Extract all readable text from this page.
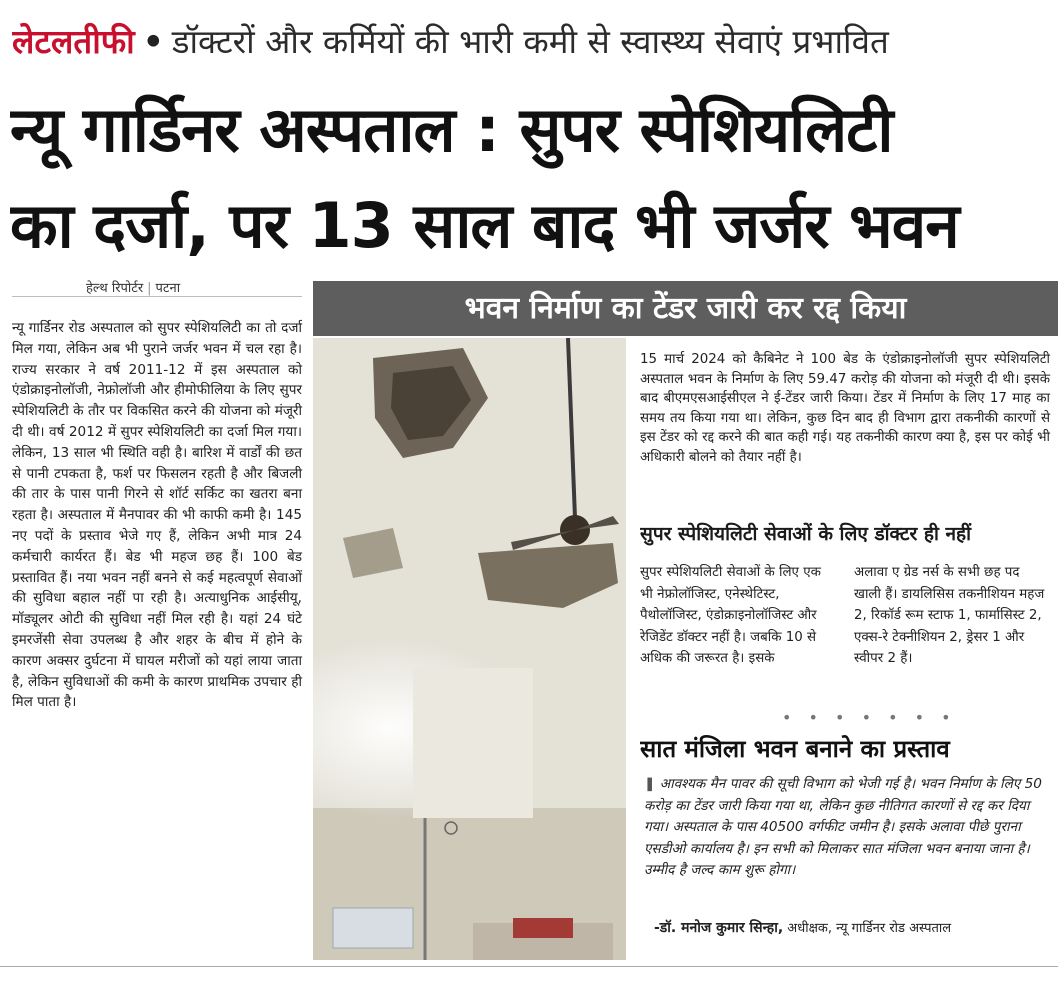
लेटलतीफी • डॉक्टरों और कर्मियों की भारी कमी से स्वास्थ्य सेवाएं प्रभावित
न्यू गार्डिनर अस्पताल : सुपर स्पेशियलिटी
का दर्जा, पर 13 साल बाद भी जर्जर भवन
हेल्थ रिपोर्टर | पटना
भवन निर्माण का टेंडर जारी कर रद्द किया
न्यू गार्डिनर रोड अस्पताल को सुपर स्पेशियलिटी का तो दर्जा मिल गया, लेकिन अब भी पुराने जर्जर भवन में चल रहा है। राज्य सरकार ने वर्ष 2011-12 में इस अस्पताल को एंडोक्राइनोलॉजी, नेफ्रोलॉजी और हीमोफीलिया के लिए सुपर स्पेशियलिटी के तौर पर विकसित करने की योजना को मंजूरी दी थी। वर्ष 2012 में सुपर स्पेशियलिटी का दर्जा मिल गया। लेकिन, 13 साल भी स्थिति वही है। बारिश में वार्डों की छत से पानी टपकता है, फर्श पर फिसलन रहती है और बिजली की तार के पास पानी गिरने से शॉर्ट सर्किट का खतरा बना रहता है। अस्पताल में मैनपावर की भी काफी कमी है। 145 नए पदों के प्रस्ताव भेजे गए हैं, लेकिन अभी मात्र 24 कर्मचारी कार्यरत हैं। बेड भी महज छह हैं। 100 बेड प्रस्तावित हैं। नया भवन नहीं बनने से कई महत्वपूर्ण सेवाओं की सुविधा बहाल नहीं पा रही है। अत्याधुनिक आईसीयू, मॉड्यूलर ओटी की सुविधा नहीं मिल रही है। यहां 24 घंटे इमरजेंसी सेवा उपलब्ध है और शहर के बीच में होने के कारण अक्सर दुर्घटना में घायल मरीजों को यहां लाया जाता है, लेकिन सुविधाओं की कमी के कारण प्राथमिक उपचार ही मिल पाता है।
15 मार्च 2024 को कैबिनेट ने 100 बेड के एंडोक्राइनोलॉजी सुपर स्पेशियलिटी अस्पताल भवन के निर्माण के लिए 59.47 करोड़ की योजना को मंजूरी दी थी। इसके बाद बीएमएसआईसीएल ने ई-टेंडर जारी किया। टेंडर में निर्माण के लिए 17 माह का समय तय किया गया था। लेकिन, कुछ दिन बाद ही विभाग द्वारा तकनीकी कारणों से इस टेंडर को रद्द करने की बात कही गई। यह तकनीकी कारण क्या है, इस पर कोई भी अधिकारी बोलने को तैयार नहीं है।
सुपर स्पेशियलिटी सेवाओं के लिए डॉक्टर ही नहीं
सुपर स्पेशियलिटी सेवाओं के लिए एक भी नेफ्रोलॉजिस्ट, एनेस्थेटिस्ट, पैथोलॉजिस्ट, एंडोक्राइनोलॉजिस्ट और रेजिडेंट डॉक्टर नहीं है। जबकि 10 से अधिक की जरूरत है। इसके
अलावा ए ग्रेड नर्स के सभी छह पद खाली हैं। डायलिसिस तकनीशियन महज 2, रिकॉर्ड रूम स्टाफ 1, फार्मासिस्ट 2, एक्स-रे टेक्नीशियन 2, ड्रेसर 1 और स्वीपर 2 हैं।
• • • • • • •
सात मंजिला भवन बनाने का प्रस्ताव
❚ आवश्यक मैन पावर की सूची विभाग को भेजी गई है। भवन निर्माण के लिए 50 करोड़ का टेंडर जारी किया गया था, लेकिन कुछ नीतिगत कारणों से रद्द कर दिया गया। अस्पताल के पास 40500 वर्गफीट जमीन है। इसके अलावा पीछे पुराना एसडीओ कार्यालय है। इन सभी को मिलाकर सात मंजिला भवन बनाया जाना है। उम्मीद है जल्द काम शुरू होगा।
-डॉ. मनोज कुमार सिन्हा, अधीक्षक, न्यू गार्डिनर रोड अस्पताल
